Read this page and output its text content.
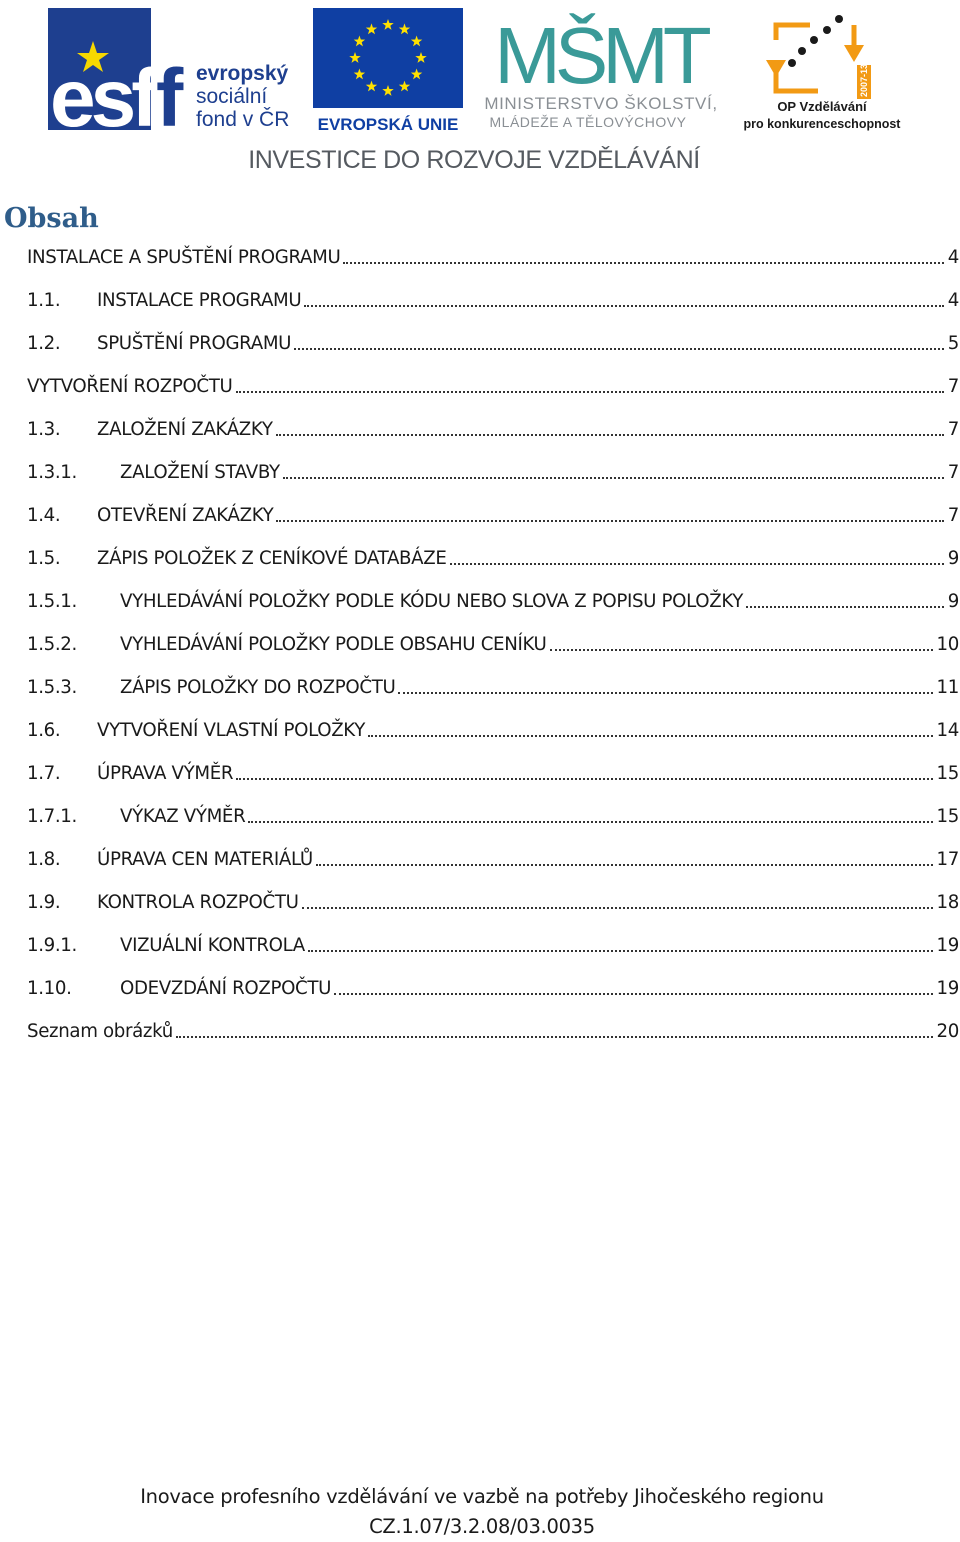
esf f evropský
sociální
fond v ČR EVROPSKÁ UNIE
MŠMT
MINISTERSTVO ŠKOLSTVÍ,
MLÁDEŽE A TĚLOVÝCHOVY
2007-13
OP Vzdělávání
pro konkurenceschopnost
INVESTICE DO ROZVOJE VZDĚLÁVÁNÍ
Obsah
INSTALACE A SPUŠTĚNÍ PROGRAMU	4
1.1.	INSTALACE PROGRAMU	4
1.2.	SPUŠTĚNÍ PROGRAMU	5
VYTVOŘENÍ ROZPOČTU	7
1.3.	ZALOŽENÍ ZAKÁZKY	7
1.3.1.	ZALOŽENÍ STAVBY	7
1.4.	OTEVŘENÍ ZAKÁZKY	7
1.5.	ZÁPIS POLOŽEK Z CENÍKOVÉ DATABÁZE	9
1.5.1.	VYHLEDÁVÁNÍ POLOŽKY PODLE KÓDU NEBO SLOVA Z POPISU POLOŽKY	9
1.5.2.	VYHLEDÁVÁNÍ POLOŽKY PODLE OBSAHU CENÍKU	10
1.5.3.	ZÁPIS POLOŽKY DO ROZPOČTU	11
1.6.	VYTVOŘENÍ VLASTNÍ POLOŽKY	14
1.7.	ÚPRAVA VÝMĚR	15
1.7.1.	VÝKAZ VÝMĚR	15
1.8.	ÚPRAVA CEN MATERIÁLŮ	17
1.9.	KONTROLA ROZPOČTU	18
1.9.1.	VIZUÁLNÍ KONTROLA	19
1.10.	ODEVZDÁNÍ ROZPOČTU	19
Seznam obrázků	20
Inovace profesního vzdělávání ve vazbě na potřeby Jihočeského regionu
CZ.1.07/3.2.08/03.0035
